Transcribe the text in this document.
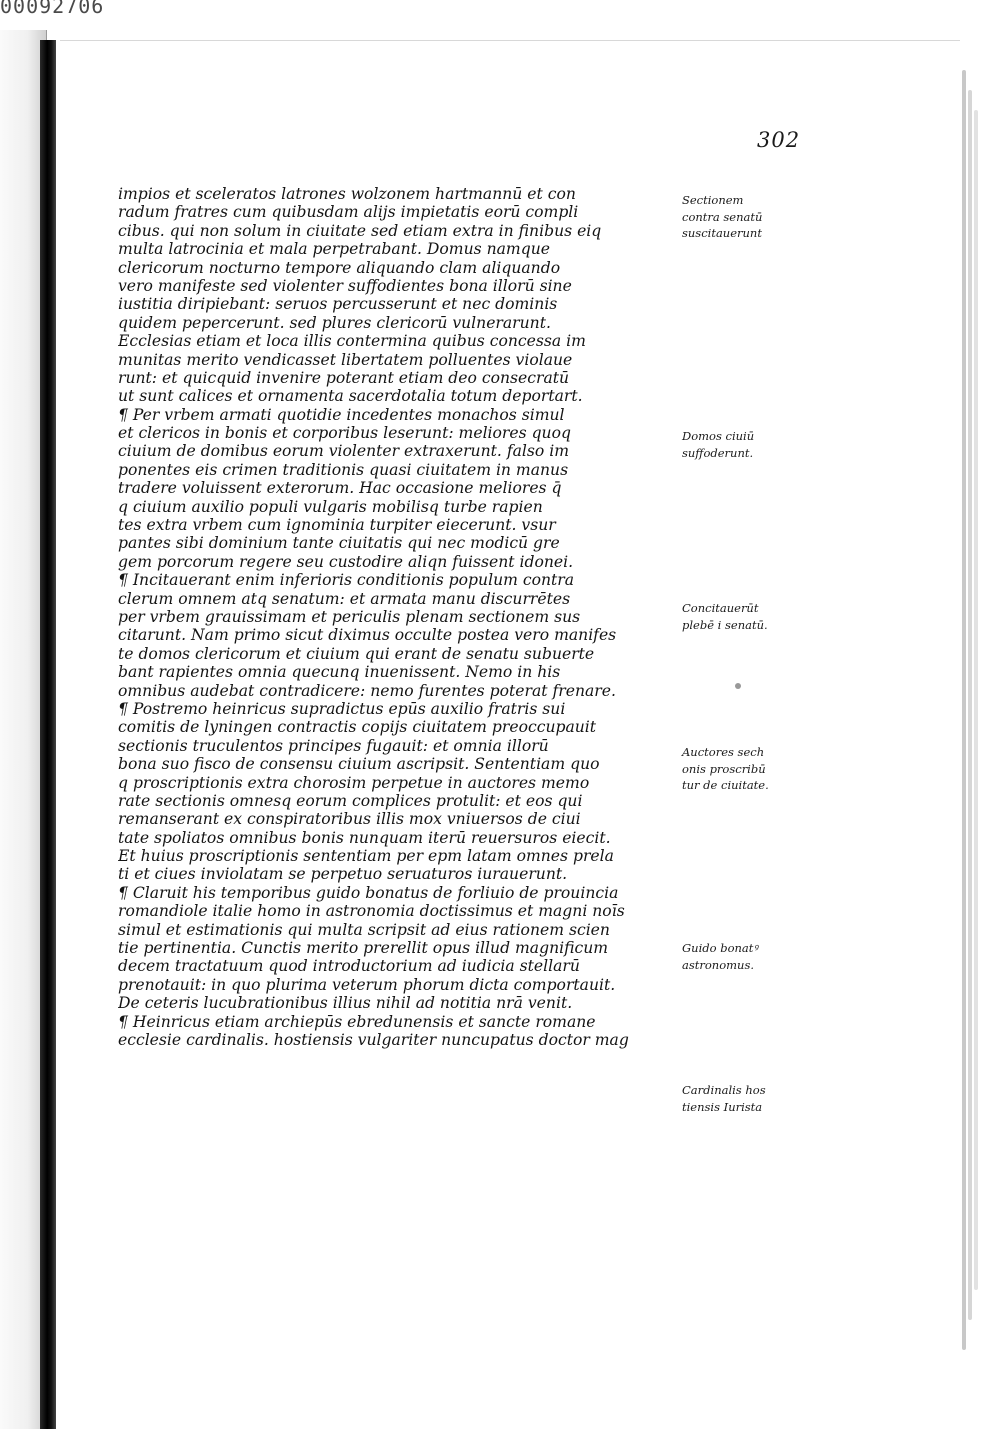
00092706
302
impios et sceleratos latrones wolzonem hartmannū et con
radum fratres cum quibusdam alijs impietatis eorū compli
cibus. qui non solum in ciuitate sed etiam extra in finibus eiq
multa latrocinia et mala perpetrabant. Domus namque
clericorum nocturno tempore aliquando clam aliquando
vero manifeste sed violenter suffodientes bona illorū sine
iustitia diripiebant: seruos percusserunt et nec dominis
quidem pepercerunt. sed plures clericorū vulnerarunt.
Ecclesias etiam et loca illis contermina quibus concessa im
munitas merito vendicasset libertatem polluentes violaue
runt: et quicquid invenire poterant etiam deo consecratū
ut sunt calices et ornamenta sacerdotalia totum deportart.
¶ Per vrbem armati quotidie incedentes monachos simul
et clericos in bonis et corporibus leserunt: meliores quoq
ciuium de domibus eorum violenter extraxerunt. falso im
ponentes eis crimen traditionis quasi ciuitatem in manus
tradere voluissent exterorum. Hac occasione meliores q̄
q ciuium auxilio populi vulgaris mobilisq turbe rapien
tes extra vrbem cum ignominia turpiter eiecerunt. vsur
pantes sibi dominium tante ciuitatis qui nec modicū gre
gem porcorum regere seu custodire aliqn fuissent idonei.
¶ Incitauerant enim inferioris conditionis populum contra
clerum omnem atq senatum: et armata manu discurrētes
per vrbem grauissimam et periculis plenam sectionem sus
citarunt. Nam primo sicut diximus occulte postea vero manifes
te domos clericorum et ciuium qui erant de senatu subuerte
bant rapientes omnia quecunq inuenissent. Nemo in his
omnibus audebat contradicere: nemo furentes poterat frenare.
¶ Postremo heinricus supradictus epūs auxilio fratris sui
comitis de lyningen contractis copijs ciuitatem preoccupauit
sectionis truculentos principes fugauit: et omnia illorū
bona suo fisco de consensu ciuium ascripsit. Sententiam quo
q proscriptionis extra chorosim perpetue in auctores memo
rate sectionis omnesq eorum complices protulit: et eos qui
remanserant ex conspiratoribus illis mox vniuersos de ciui
tate spoliatos omnibus bonis nunquam iterū reuersuros eiecit.
Et huius proscriptionis sententiam per epm latam omnes prela
ti et ciues inviolatam se perpetuo seruaturos iurauerunt.
¶ Claruit his temporibus guido bonatus de forliuio de prouincia
romandiole italie homo in astronomia doctissimus et magni noīs
simul et estimationis qui multa scripsit ad eius rationem scien
tie pertinentia. Cunctis merito prerellit opus illud magnificum
decem tractatuum quod introductorium ad iudicia stellarū
prenotauit: in quo plurima veterum phorum dicta comportauit.
De ceteris lucubrationibus illius nihil ad notitia nrā venit.
¶ Heinricus etiam archiepūs ebredunensis et sancte romane
ecclesie cardinalis. hostiensis vulgariter nuncupatus doctor mag
Sectionem
contra senatū
suscitauerunt
Domos ciuiū
suffoderunt.
Concitauerūt
plebē i senatū.
Auctores sech
onis proscribū
tur de ciuitate.
Guido bonatꝰ
astronomus.
Cardinalis hos
tiensis Iurista
